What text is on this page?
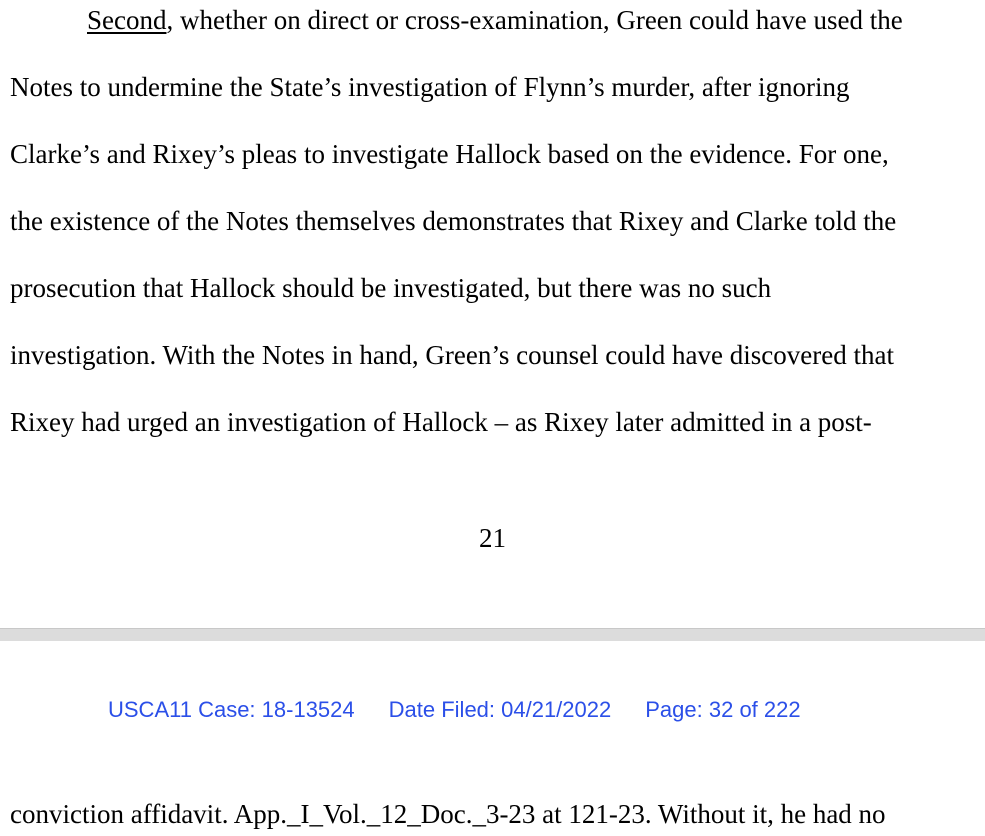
Second, whether on direct or cross-examination, Green could have used the
Notes to undermine the State’s investigation of Flynn’s murder, after ignoring
Clarke’s and Rixey’s pleas to investigate Hallock based on the evidence. For one,
the existence of the Notes themselves demonstrates that Rixey and Clarke told the
prosecution that Hallock should be investigated, but there was no such
investigation. With the Notes in hand, Green’s counsel could have discovered that
Rixey had urged an investigation of Hallock – as Rixey later admitted in a post-
21
USCA11 Case: 18-13524 Date Filed: 04/21/2022 Page: 32 of 222
conviction affidavit. App._I_Vol._12_Doc._3-23 at 121-23. Without it, he had no
